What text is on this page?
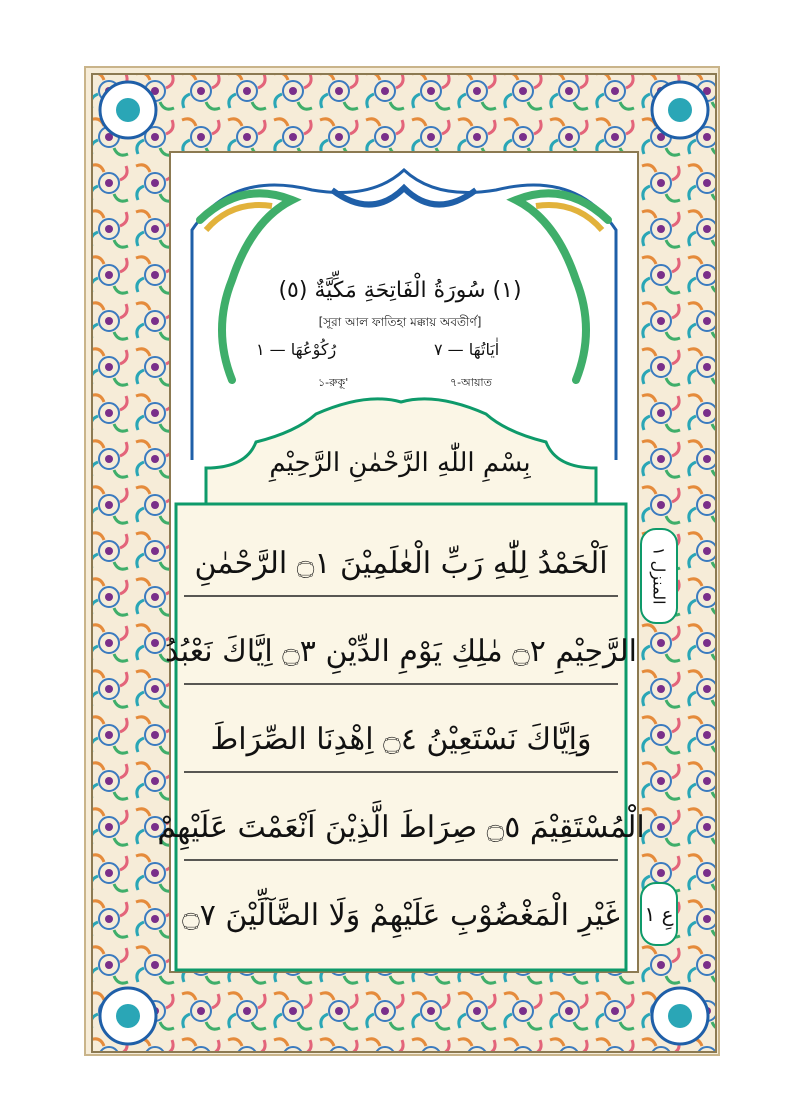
(١) سُورَةُ الْفَاتِحَةِ مَكِّيَّةٌ (٥)
[সূরা আল ফাতিহা মক্কায় অবতীর্ণ]
اٰيَاتُهَا — ٧
رُكُوْعُهَا — ١
৭-আয়াত
১-রুকূ'
بِسْمِ اللّٰهِ الرَّحْمٰنِ الرَّحِيْمِ
اَلْحَمْدُ لِلّٰهِ رَبِّ الْعٰلَمِيْنَ ۝١ الرَّحْمٰنِ
الرَّحِيْمِ ۝٢ مٰلِكِ يَوْمِ الدِّيْنِ ۝٣ اِيَّاكَ نَعْبُدُ
وَاِيَّاكَ نَسْتَعِيْنُ ۝٤ اِهْدِنَا الصِّرَاطَ
الْمُسْتَقِيْمَ ۝٥ صِرَاطَ الَّذِيْنَ اَنْعَمْتَ عَلَيْهِمْ
غَيْرِ الْمَغْضُوْبِ عَلَيْهِمْ وَلَا الضَّآلِّيْنَ ۝٧
المنزل ١
عِ ١
